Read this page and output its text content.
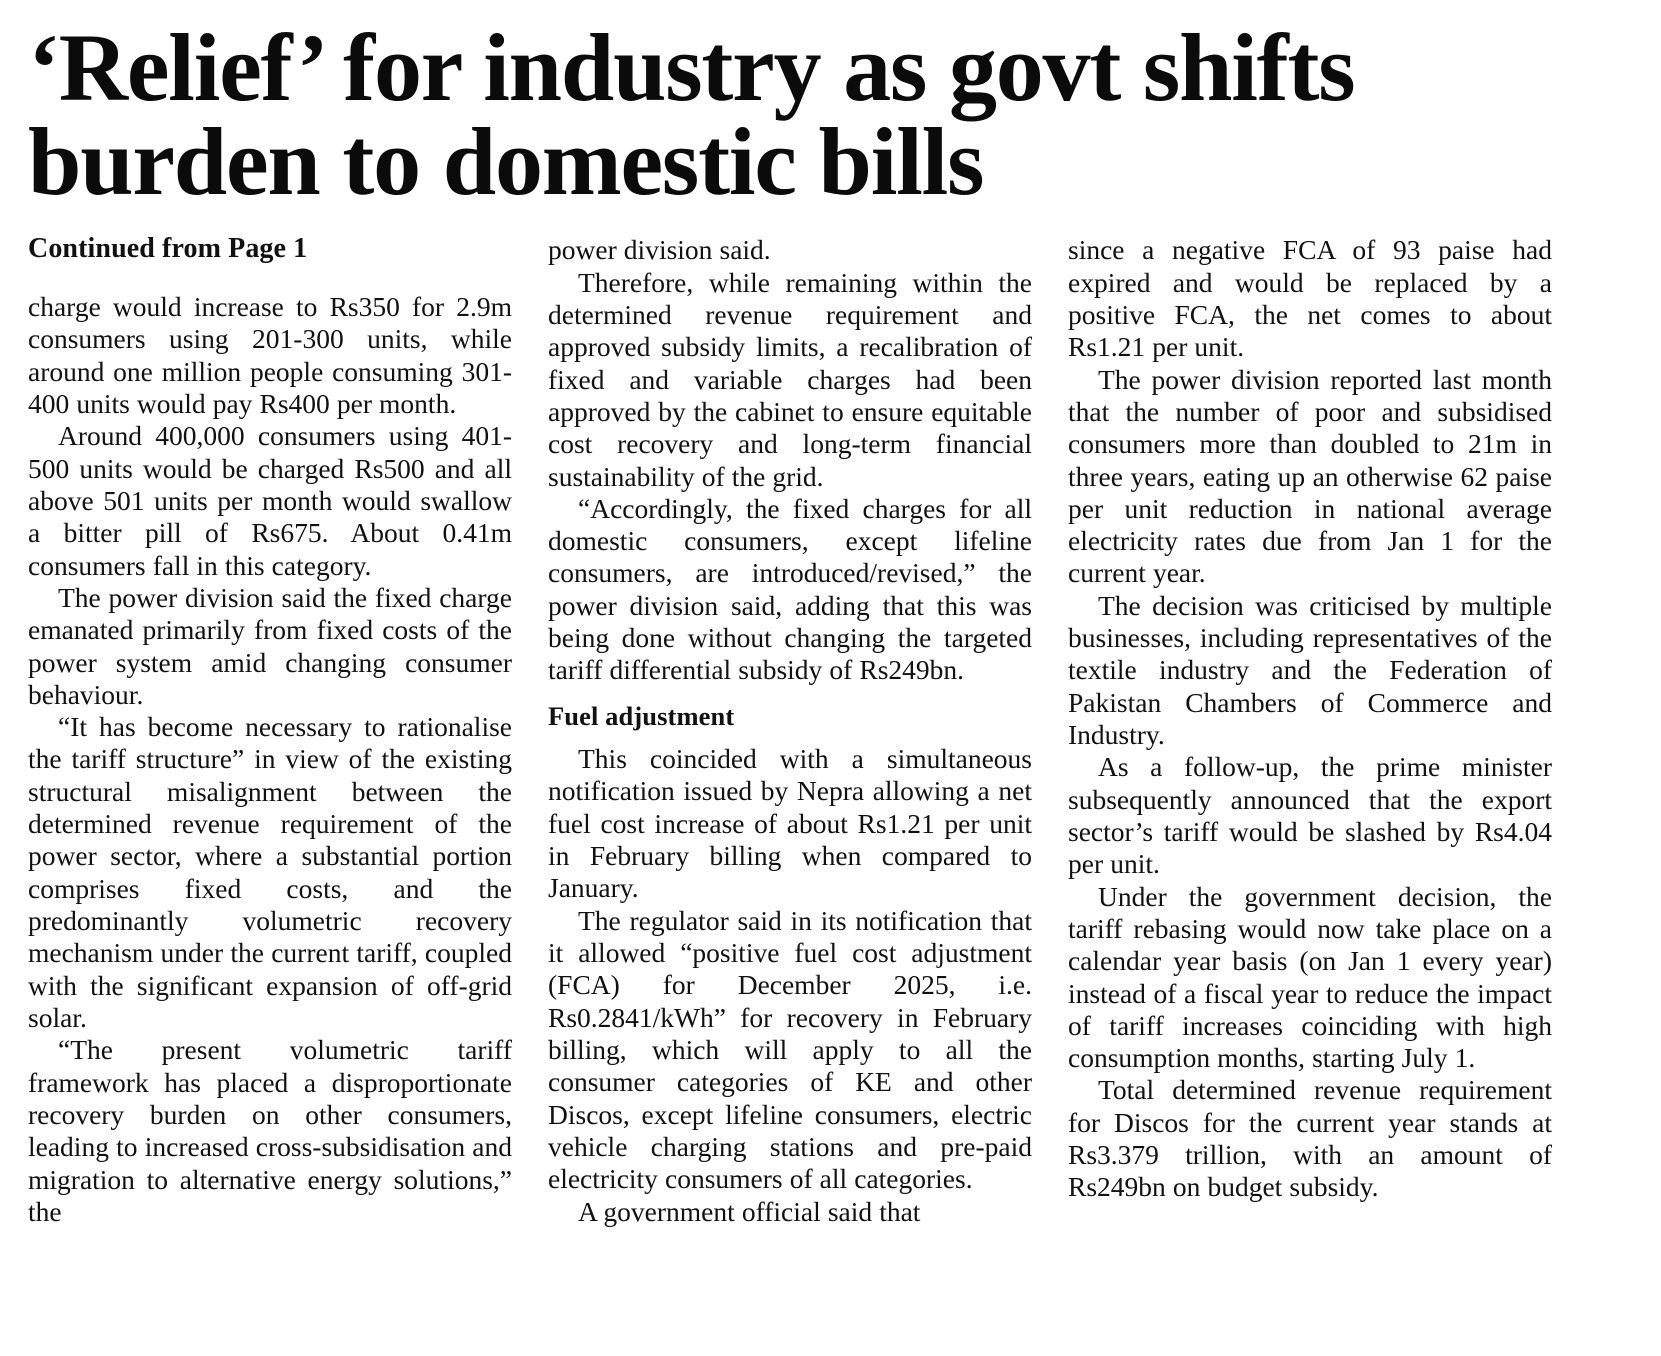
‘Relief’ for industry as govt shifts
burden to domestic bills
Continued from Page 1

charge would increase to Rs350 for 2.9m consumers using 201-300 units, while around one million people consuming 301-400 units would pay Rs400 per month.

Around 400,000 consumers using 401-500 units would be charged Rs500 and all above 501 units per month would swallow a bitter pill of Rs675. About 0.41m consumers fall in this category.

The power division said the fixed charge emanated primarily from fixed costs of the power system amid changing consumer behaviour.

“It has become necessary to rationalise the tariff structure” in view of the existing structural misalignment between the determined revenue requirement of the power sector, where a substantial portion comprises fixed costs, and the predominantly volumetric recovery mechanism under the current tariff, coupled with the significant expansion of off-grid solar.

“The present volumetric tariff framework has placed a disproportionate recovery burden on other consumers, leading to increased cross-subsidisation and migration to alternative energy solutions,” the

power division said.

Therefore, while remaining within the determined revenue requirement and approved subsidy limits, a recalibration of fixed and variable charges had been approved by the cabinet to ensure equitable cost recovery and long-term financial sustainability of the grid.

“Accordingly, the fixed charges for all domestic consumers, except lifeline consumers, are introduced/revised,” the power division said, adding that this was being done without changing the targeted tariff differential subsidy of Rs249bn.

Fuel adjustment

This coincided with a simultaneous notification issued by Nepra allowing a net fuel cost increase of about Rs1.21 per unit in February billing when compared to January.

The regulator said in its notification that it allowed “positive fuel cost adjustment (FCA) for December 2025, i.e. Rs0.2841/kWh” for recovery in February billing, which will apply to all the consumer categories of KE and other Discos, except lifeline consumers, electric vehicle charging stations and pre-paid electricity consumers of all categories.

A government official said that

since a negative FCA of 93 paise had expired and would be replaced by a positive FCA, the net comes to about Rs1.21 per unit.

The power division reported last month that the number of poor and subsidised consumers more than doubled to 21m in three years, eating up an otherwise 62 paise per unit reduction in national average electricity rates due from Jan 1 for the current year.

The decision was criticised by multiple businesses, including representatives of the textile industry and the Federation of Pakistan Chambers of Commerce and Industry.

As a follow-up, the prime minister subsequently announced that the export sector’s tariff would be slashed by Rs4.04 per unit.

Under the government decision, the tariff rebasing would now take place on a calendar year basis (on Jan 1 every year) instead of a fiscal year to reduce the impact of tariff increases coinciding with high consumption months, starting July 1.

Total determined revenue requirement for Discos for the current year stands at Rs3.379 trillion, with an amount of Rs249bn on budget subsidy.
